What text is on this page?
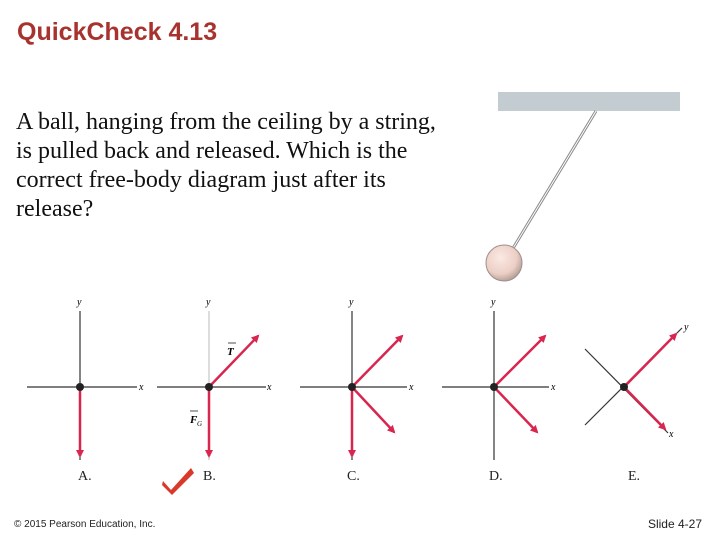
QuickCheck 4.13
A ball, hanging from the ceiling by a string, is pulled back and released. Which is the correct free-body diagram just after its release?
y
x
y
x
T
F G
y
x
y
x
y
x
A.	B.	C.	D.	E.
© 2015 Pearson Education, Inc.	Slide 4-27
